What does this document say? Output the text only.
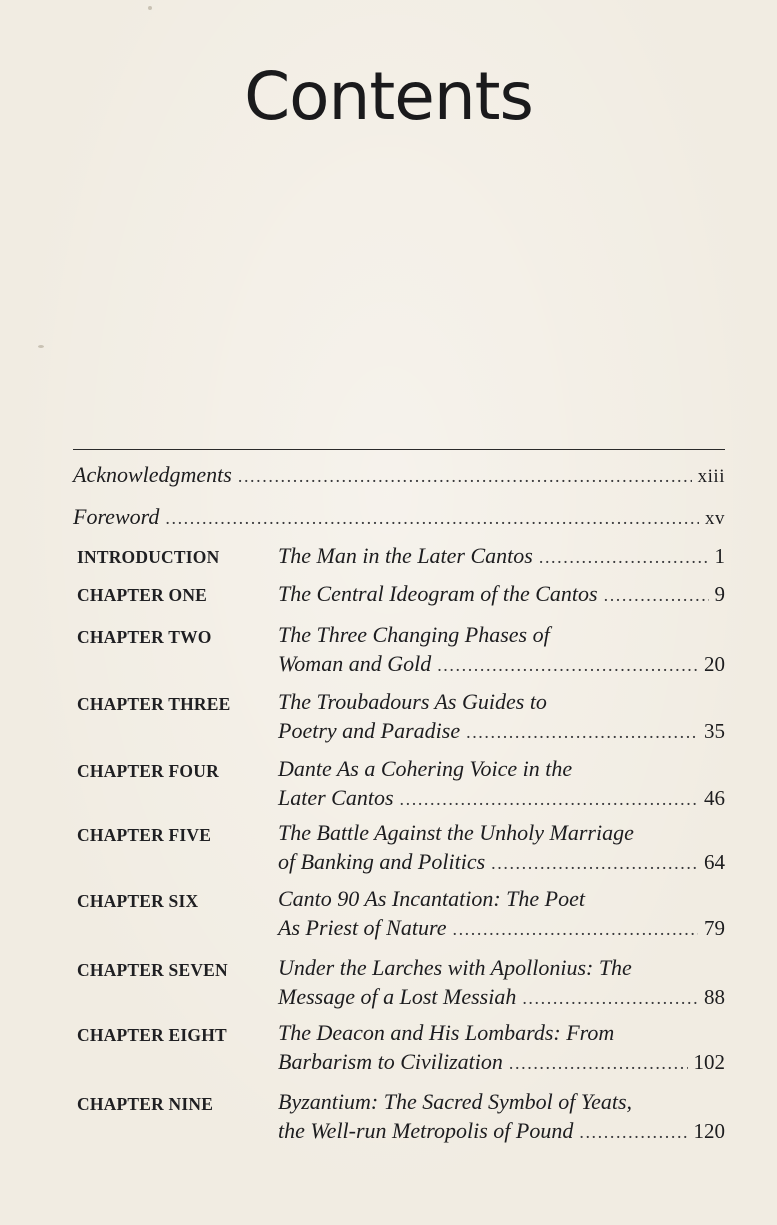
Contents
Acknowledgments .....	xiii
Foreword .....	xv
INTRODUCTION	The Man in the Later Cantos .....	1
CHAPTER ONE	The Central Ideogram of the Cantos .....	9
CHAPTER TWO	The Three Changing Phases of
Woman and Gold .....	20
CHAPTER THREE The Troubadours As Guides to
Poetry and Paradise .....	35
CHAPTER FOUR	Dante As a Cohering Voice in the
Later Cantos .....	46
CHAPTER FIVE	The Battle Against the Unholy Marriage
of Banking and Politics .....	64
CHAPTER SIX	Canto 90 As Incantation: The Poet
As Priest of Nature .....	79
CHAPTER SEVEN Under the Larches with Apollonius: The
Message of a Lost Messiah .....	88
CHAPTER EIGHT The Deacon and His Lombards: From
Barbarism to Civilization .....	102
CHAPTER NINE	Byzantium: The Sacred Symbol of Yeats,
the Well-run Metropolis of Pound .....	120
